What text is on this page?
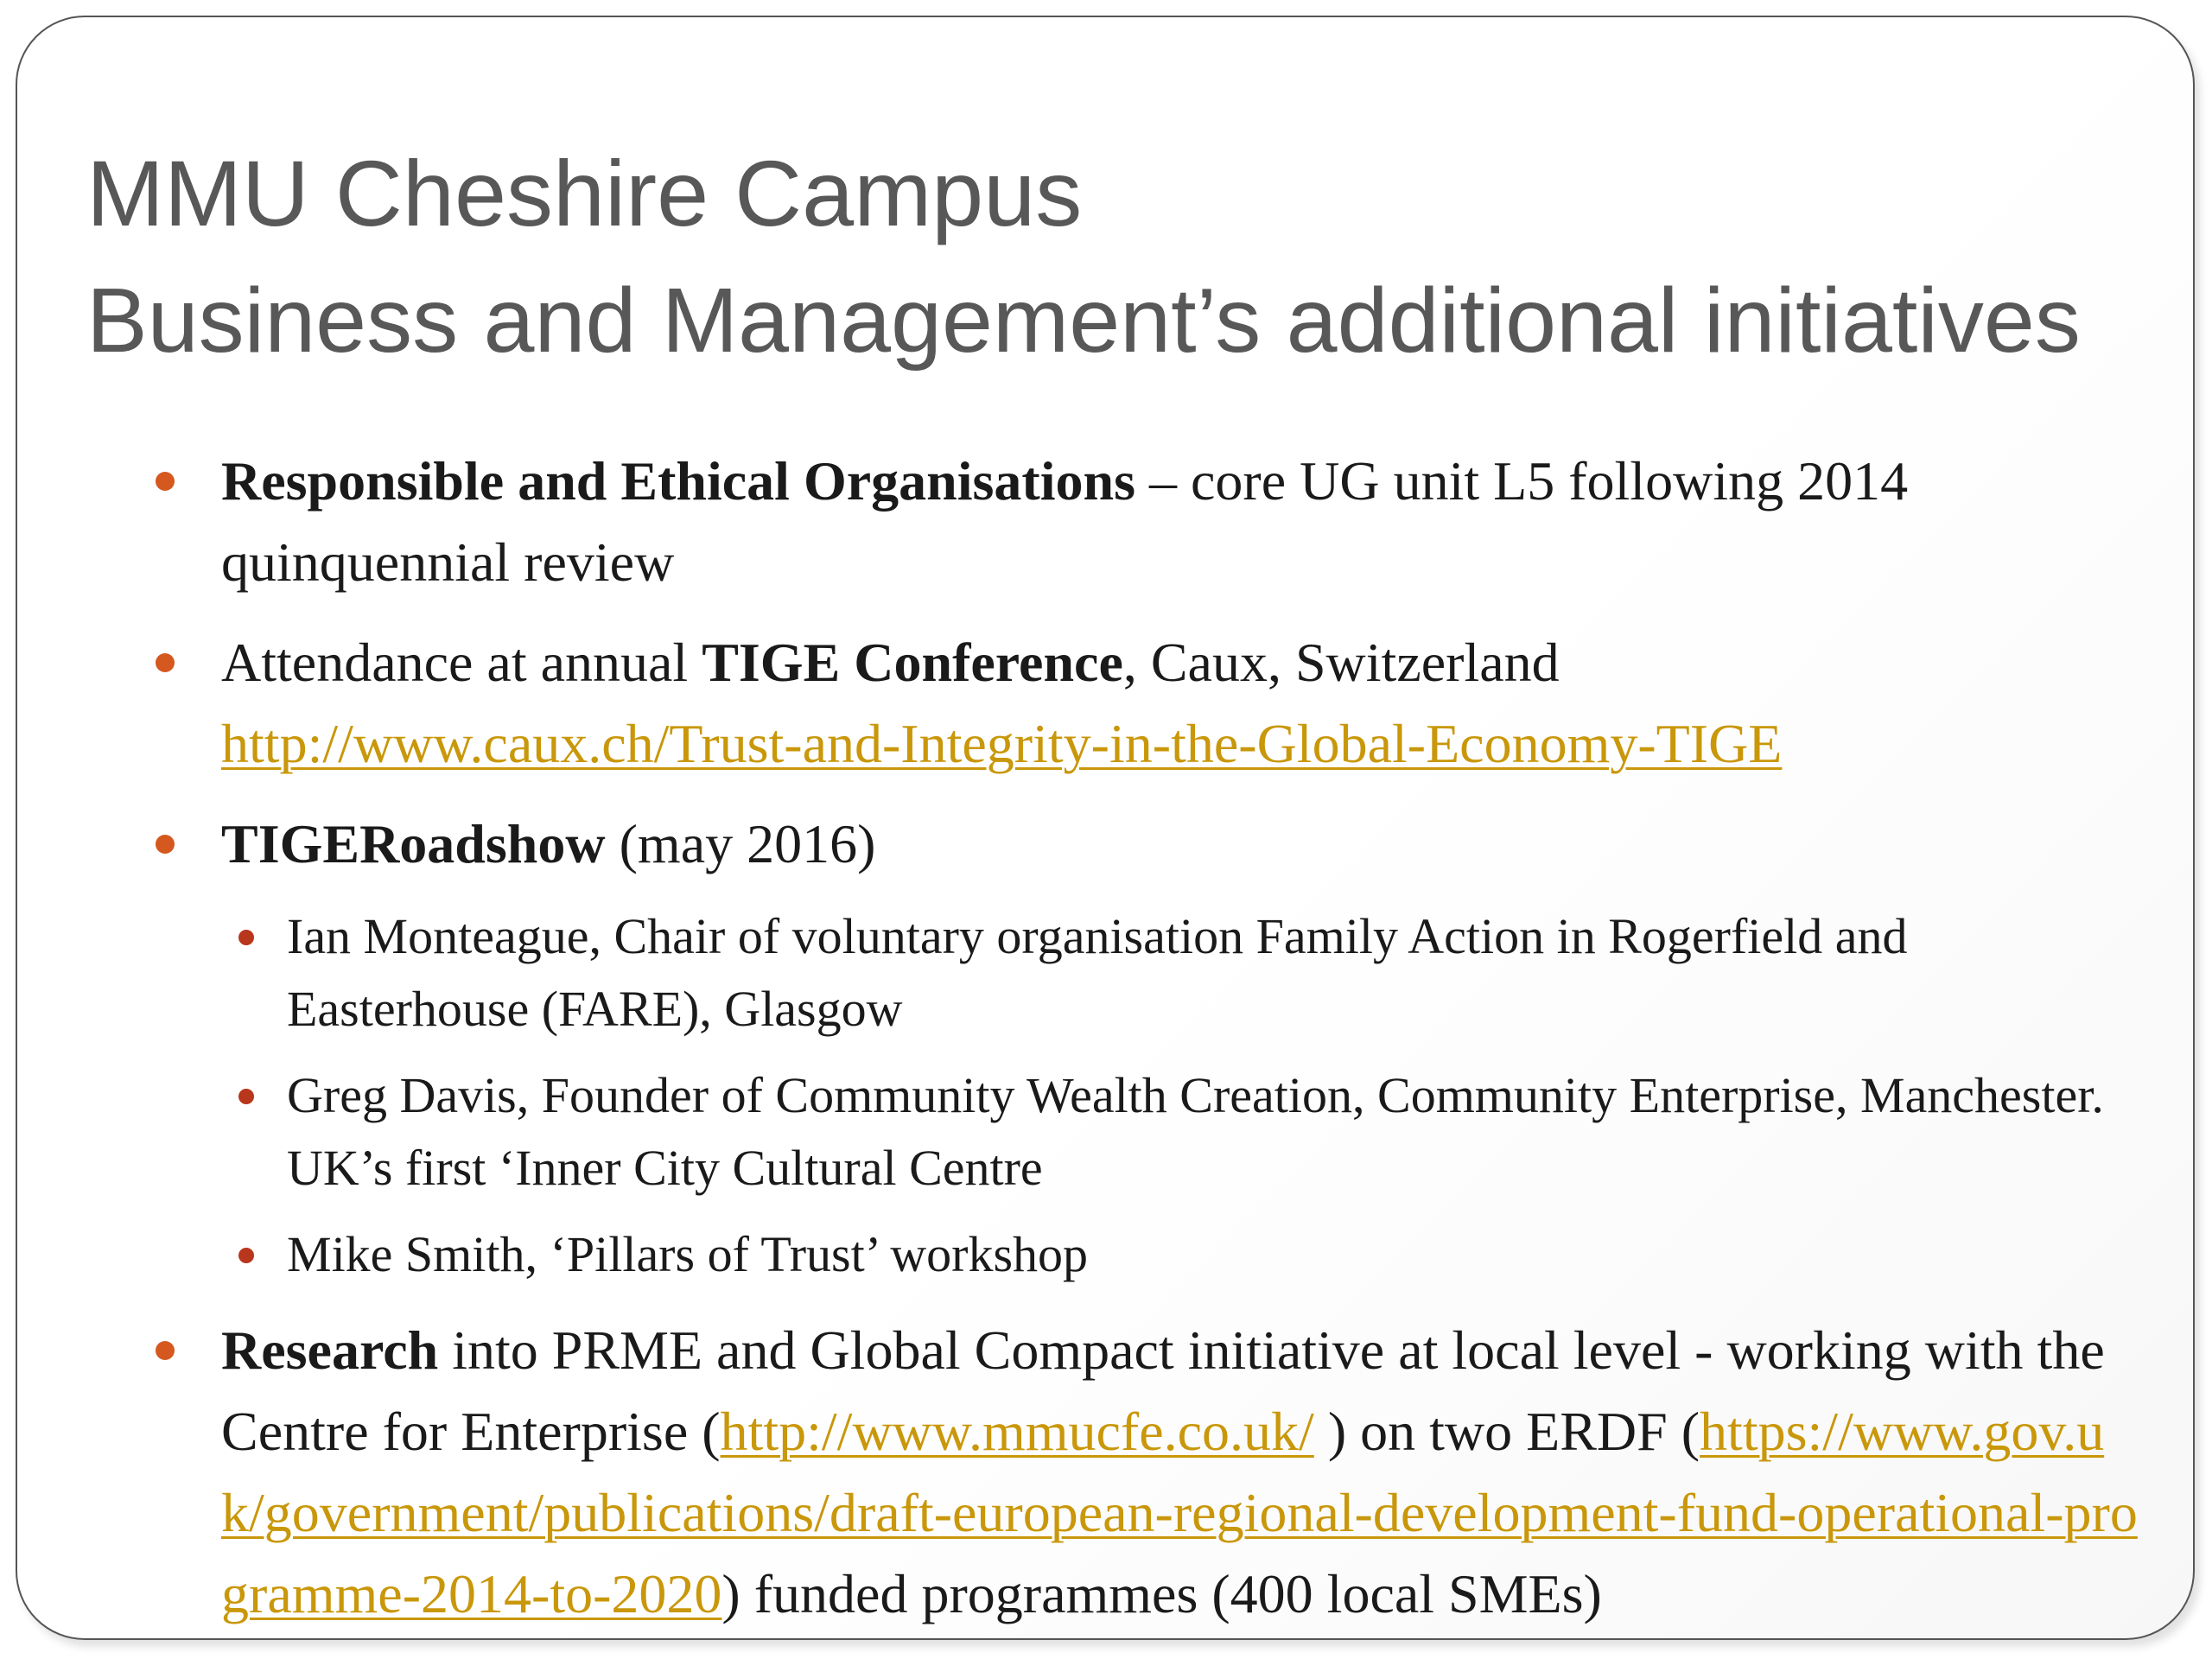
MMU Cheshire Campus
Business and Management’s additional initiatives
Responsible and Ethical Organisations – core UG unit L5 following 2014 quinquennial review
Attendance at annual TIGE Conference, Caux, Switzerland
http://www.caux.ch/Trust-and-Integrity-in-the-Global-Economy-TIGE
TIGERoadshow (may 2016)
Ian Monteague, Chair of voluntary organisation Family Action in Rogerfield and Easterhouse (FARE), Glasgow
Greg Davis, Founder of Community Wealth Creation, Community Enterprise, Manchester. UK’s first ‘Inner City Cultural Centre
Mike Smith, ‘Pillars of Trust’ workshop
Research into PRME and Global Compact initiative at local level - working with the Centre for Enterprise (http://www.mmucfe.co.uk/ ) on two ERDF (https://www.gov.uk/government/publications/draft-european-regional-development-fund-operational-programme-2014-to-2020) funded programmes (400 local SMEs)
